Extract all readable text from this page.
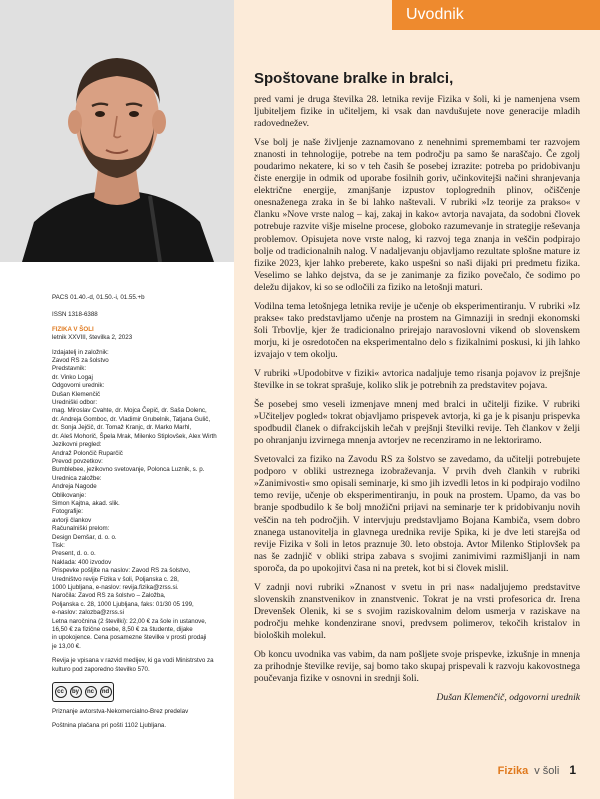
PACS 01.40.-d, 01.50.-i, 01.55.+b

ISSN 1318-6388

FIZIKA V ŠOLI

letnik XXVIII, številka 2, 2023

Izdajatelj in založnik:

Zavod RS za šolstvo

Predstavnik:

dr. Vinko Logaj

Odgovorni urednik:

Dušan Klemenčič

Uredniški odbor:

mag. Miroslav Cvahte, dr. Mojca Čepič, dr. Saša Dolenc,

dr. Andreja Gomboc, dr. Vladimir Grubelnik, Tatjana Gulič,

dr. Sonja Jejčič, dr. Tomaž Kranjc, dr. Marko Marhl,

dr. Aleš Mohorič, Špela Mrak, Milenko Stiplovšek, Alex Wirth

Jezikovni pregled:

Andraž Polončič Ruparčič

Prevod povzetkov:

Bumblebee, jezikovno svetovanje, Polonca Luznik, s. p.

Urednica založbe:

Andreja Nagode

Oblikovanje:

Simon Kajtna, akad. slik.

Fotografije:

avtorji člankov

Računalniški prelom:

Design Demšar, d. o. o.

Tisk:

Present, d. o. o.

Naklada: 400 izvodov

Prispevke pošljite na naslov: Zavod RS za šolstvo,

Uredništvo revije Fizika v šoli, Poljanska c. 28,

1000 Ljubljana, e-naslov: revija.fizika@zrss.si.

Naročila: Zavod RS za šolstvo – Založba,

Poljanska c. 28, 1000 Ljubljana, faks: 01/30 05 199,

e-naslov: zalozba@zrss.si

Letna naročnina (2 številki): 22,00 € za šole in ustanove,

16,50 € za fizične osebe, 8,50 € za študente, dijake

in upokojence. Cena posamezne številke v prosti prodaji

je 13,00 €.

Revija je vpisana v razvid medijev, ki ga vodi Ministrstvo za kulturo pod zaporedno številko 570.

cc	by	nc	nd

Priznanje avtorstva-Nekomercialno-Brez predelav

Poštnina plačana pri pošti 1102 Ljubljana.

Uvodnik
Spoštovane bralke in bralci,

pred vami je druga številka 28. letnika revije Fizika v šoli, ki je namenjena vsem ljubiteljem fizike in učiteljem, ki vsak dan navdušujete nove generacije mladih radovednežev.

Vse bolj je naše življenje zaznamovano z nenehnimi spremembami ter razvojem znanosti in tehnologije, potrebe na tem področju pa samo še naraščajo. Če zgolj poudarimo nekatere, ki so v teh časih še posebej izrazite: potreba po pridobivanju čiste energije in odmik od uporabe fosilnih goriv, učinkovitejši načini shranjevanja električne energije, zmanjšanje izpustov toplogrednih plinov, očiščenje onesnaženega zraka in še bi lahko naštevali. V rubriki »Iz teorije za prakso« v članku »Nove vrste nalog – kaj, zakaj in kako« avtorja navajata, da sodobni človek potrebuje razvite višje miselne procese, globoko razumevanje in strategije reševanja problemov. Opisujeta nove vrste nalog, ki razvoj tega znanja in veščin podpirajo bolje od tradicionalnih nalog. V nadaljevanju objavljamo rezultate splošne mature iz fizike 2023, kjer lahko preberete, kako uspešni so naši dijaki pri predmetu fizika. Veselimo se lahko dejstva, da se je zanimanje za fiziko povečalo, če sodimo po deležu dijakov, ki so se odločili za fiziko na letošnji maturi.

Vodilna tema letošnjega letnika revije je učenje ob eksperimentiranju. V rubriki »Iz prakse« tako predstavljamo učenje na prostem na Gimnaziji in srednji ekonomski šoli Trbovlje, kjer že tradicionalno prirejajo naravoslovni vikend ob slovenskem morju, ki je osredotočen na eksperimentalno delo s fizikalnimi poskusi, ki jih lahko izvajajo v tem okolju.

V rubriki »Upodobitve v fiziki« avtorica nadaljuje temo risanja pojavov iz prejšnje številke in se tokrat sprašuje, koliko slik je potrebnih za predstavitev pojava.

Še posebej smo veseli izmenjave mnenj med bralci in učitelji fizike. V rubriki »Učiteljev pogled« tokrat objavljamo prispevek avtorja, ki ga je k pisanju prispevka spodbudil članek o difrakcijskih lečah v prejšnji številki revije. Teh člankov v želji po ohranjanju izvirnega mnenja avtorjev ne recenziramo in ne lektoriramo.

Svetovalci za fiziko na Zavodu RS za šolstvo se zavedamo, da učitelji potrebujete podporo v obliki ustreznega izobraževanja. V prvih dveh člankih v rubriki »Zanimivosti« smo opisali seminarje, ki smo jih izvedli letos in ki podpirajo vodilno temo revije, učenje ob eksperimentiranju, in pouk na prostem. Upamo, da vas bo branje spodbudilo k še bolj množični prijavi na seminarje ter k pridobivanju novih veščin na teh področjih. V intervjuju predstavljamo Bojana Kambiča, vsem dobro znanega ustanovitelja in glavnega urednika revije Spika, ki je dve leti starejša od revije Fizika v šoli in letos praznuje 30. leto obstoja. Avtor Milenko Stiplovšek pa nas še zadnjič v obliki stripa zabava s svojimi zanimivimi razmišljanji in nam sporoča, da po upokojitvi časa ni na pretek, kot bi si človek mislil.

V zadnji novi rubriki »Znanost v svetu in pri nas« nadaljujemo predstavitve slovenskih znanstvenikov in znanstvenic. Tokrat je na vrsti profesorica dr. Irena Drevenšek Olenik, ki se s svojim raziskovalnim delom usmerja v raziskave na področju mehke kondenzirane snovi, predvsem polimerov, tekočih kristalov in bioloških molekul.

Ob koncu uvodnika vas vabim, da nam pošljete svoje prispevke, izkušnje in mnenja za prihodnje številke revije, saj bomo tako skupaj prispevali k razvoju kakovostnega poučevanja fizike v osnovni in srednji šoli.

Dušan Klemenčič, odgovorni urednik

Fizika v šoli 1
